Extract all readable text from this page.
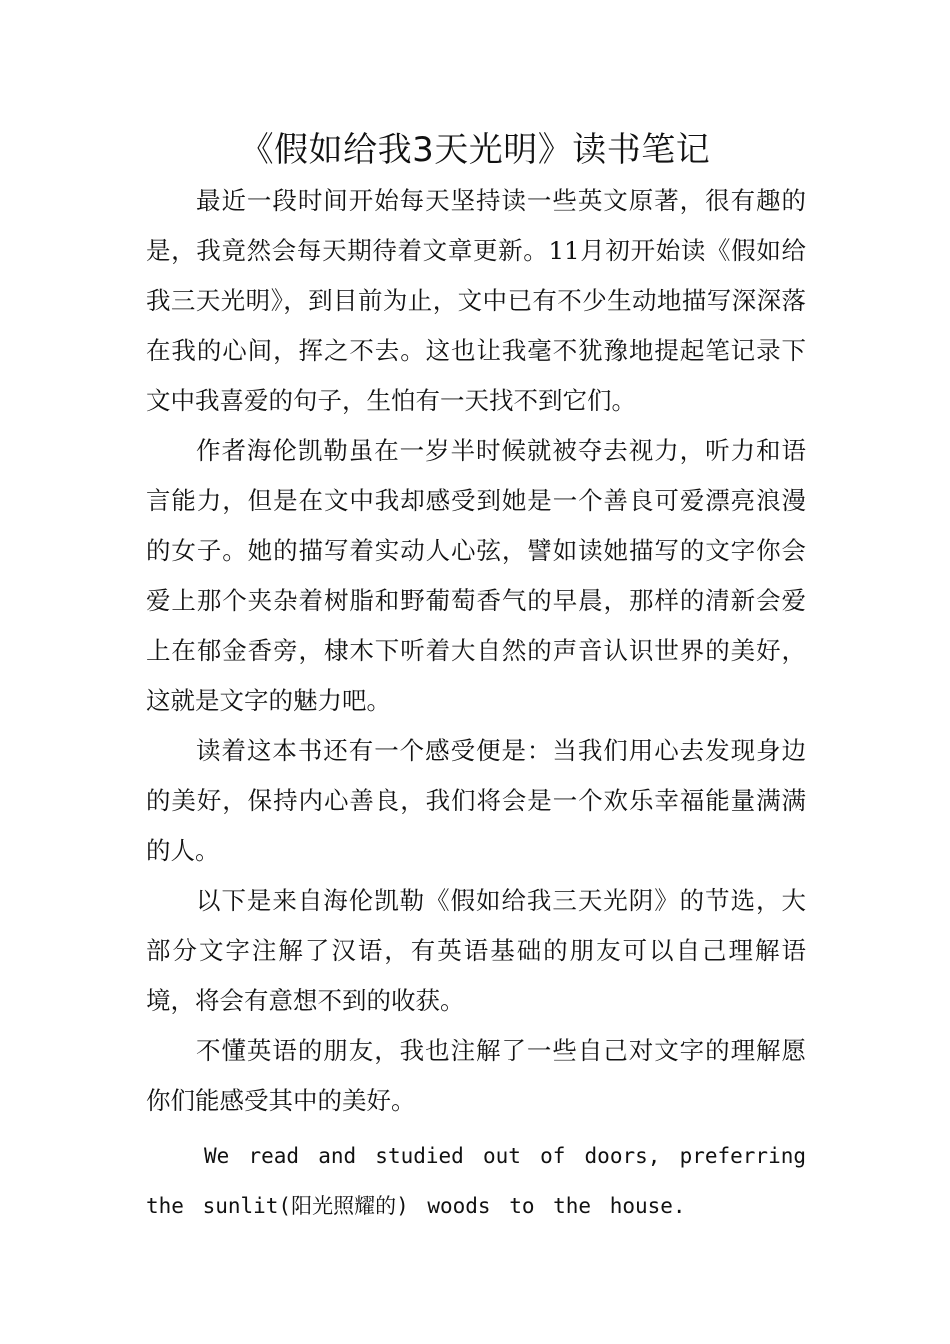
《假如给我3天光明》读书笔记

最近一段时间开始每天坚持读一些英文原著，很有趣的是，我竟然会每天期待着文章更新。11月初开始读《假如给我三天光明》，到目前为止，文中已有不少生动地描写深深落在我的心间，挥之不去。这也让我毫不犹豫地提起笔记录下文中我喜爱的句子，生怕有一天找不到它们。

作者海伦凯勒虽在一岁半时候就被夺去视力，听力和语言能力，但是在文中我却感受到她是一个善良可爱漂亮浪漫的女子。她的描写着实动人心弦，譬如读她描写的文字你会爱上那个夹杂着树脂和野葡萄香气的早晨，那样的清新会爱上在郁金香旁，棣木下听着大自然的声音认识世界的美好，这就是文字的魅力吧。

读着这本书还有一个感受便是：当我们用心去发现身边的美好，保持内心善良，我们将会是一个欢乐幸福能量满满的人。

以下是来自海伦凯勒《假如给我三天光阴》的节选，大部分文字注解了汉语，有英语基础的朋友可以自己理解语境，将会有意想不到的收获。

不懂英语的朋友，我也注解了一些自己对文字的理解愿你们能感受其中的美好。

We read and studied out of doors, preferring the sunlit(阳光照耀的) woods to the house.
